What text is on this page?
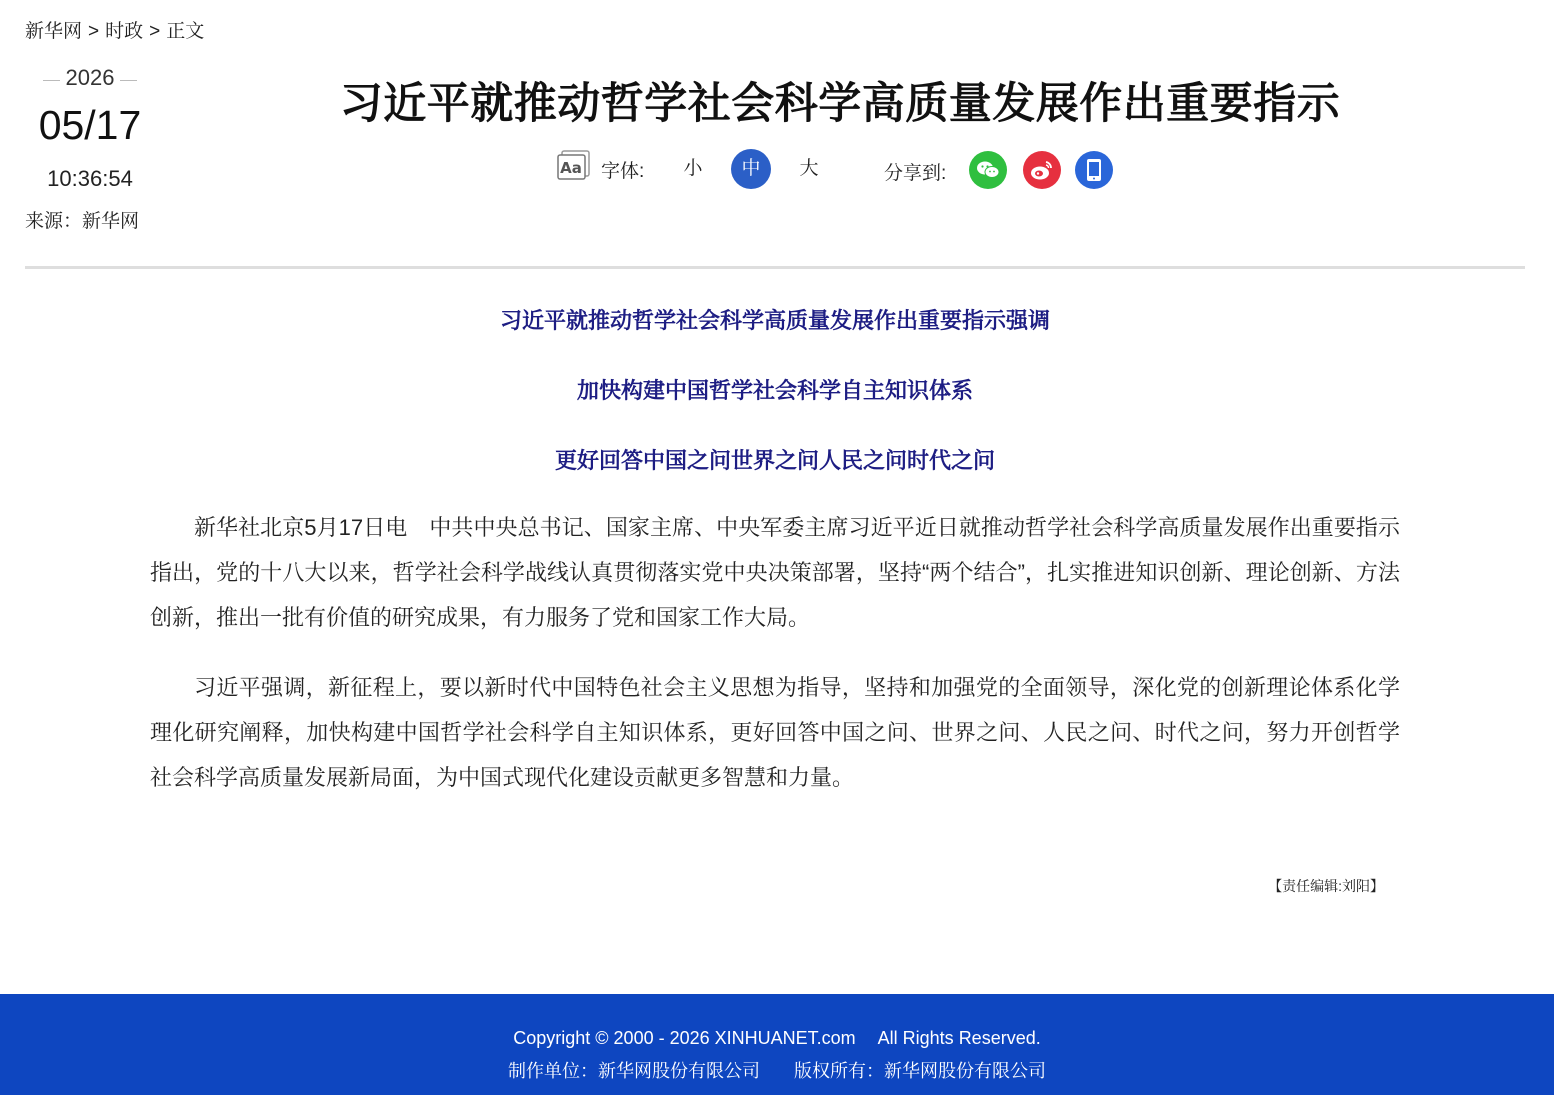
新华网 > 时政 > 正文
2026
05/17
10:36:54
来源：新华网
习近平就推动哲学社会科学高质量发展作出重要指示
Aa 字体:	小	中	大	分享到:
习近平就推动哲学社会科学高质量发展作出重要指示强调
加快构建中国哲学社会科学自主知识体系
更好回答中国之问世界之问人民之问时代之问

新华社北京5月17日电　中共中央总书记、国家主席、中央军委主席习近平近日就推动哲学社会科学高质量发展作出重要指示指出，党的十八大以来，哲学社会科学战线认真贯彻落实党中央决策部署，坚持“两个结合”，扎实推进知识创新、理论创新、方法创新，推出一批有价值的研究成果，有力服务了党和国家工作大局。

习近平强调，新征程上，要以新时代中国特色社会主义思想为指导，坚持和加强党的全面领导，深化党的创新理论体系化学理化研究阐释，加快构建中国哲学社会科学自主知识体系，更好回答中国之问、世界之问、人民之问、时代之问，努力开创哲学社会科学高质量发展新局面，为中国式现代化建设贡献更多智慧和力量。

【责任编辑:刘阳】
Copyright © 2000 - 2026 XINHUANET.com　 All Rights Reserved.
制作单位：新华网股份有限公司 版权所有：新华网股份有限公司
